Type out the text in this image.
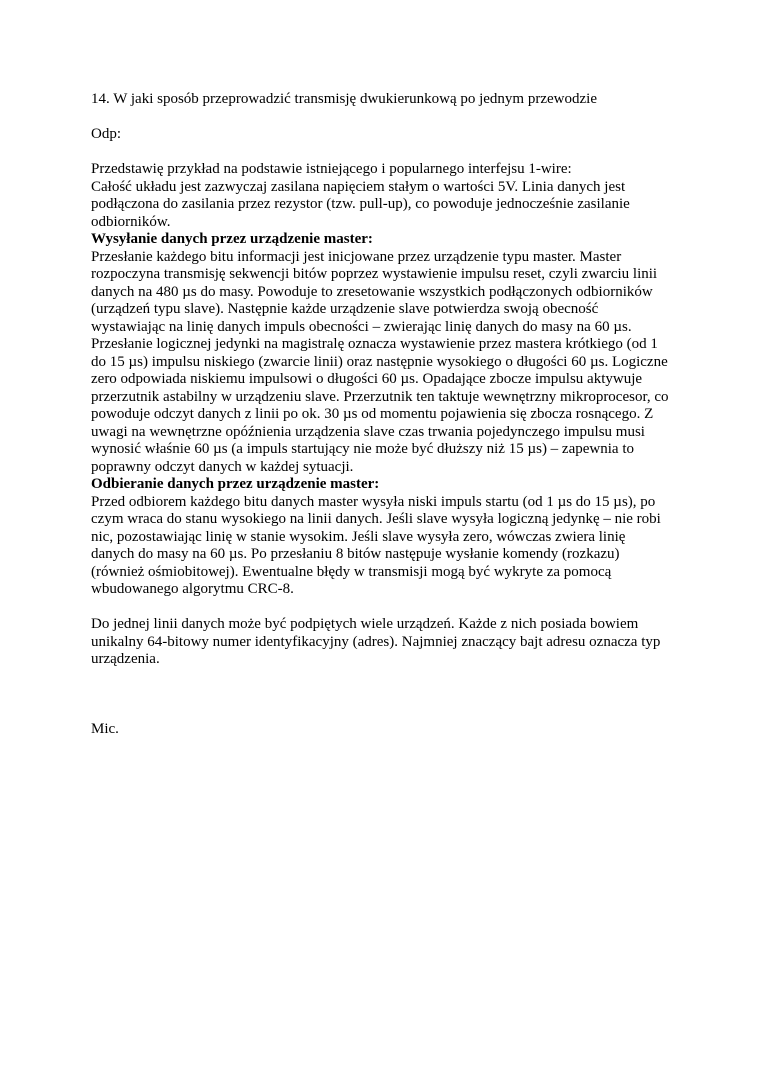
14. W jaki sposób przeprowadzić transmisję dwukierunkową po jednym przewodzie

Odp:

Przedstawię przykład na podstawie istniejącego i popularnego interfejsu 1-wire:

Całość układu jest zazwyczaj zasilana napięciem stałym o wartości 5V. Linia danych jest podłączona do zasilania przez rezystor (tzw. pull-up), co powoduje jednocześnie zasilanie odbiorników.

Wysyłanie danych przez urządzenie master:

Przesłanie każdego bitu informacji jest inicjowane przez urządzenie typu master. Master rozpoczyna transmisję sekwencji bitów poprzez wystawienie impulsu reset, czyli zwarciu linii danych na 480 µs do masy. Powoduje to zresetowanie wszystkich podłączonych odbiorników (urządzeń typu slave). Następnie każde urządzenie slave potwierdza swoją obecność wystawiając na linię danych impuls obecności – zwierając linię danych do masy na 60 µs. Przesłanie logicznej jedynki na magistralę oznacza wystawienie przez mastera krótkiego (od 1 do 15 µs) impulsu niskiego (zwarcie linii) oraz następnie wysokiego o długości 60 µs. Logiczne zero odpowiada niskiemu impulsowi o długości 60 µs. Opadające zbocze impulsu aktywuje przerzutnik astabilny w urządzeniu slave. Przerzutnik ten taktuje wewnętrzny mikroprocesor, co powoduje odczyt danych z linii po ok. 30 µs od momentu pojawienia się zbocza rosnącego. Z uwagi na wewnętrzne opóźnienia urządzenia slave czas trwania pojedynczego impulsu musi wynosić właśnie 60 µs (a impuls startujący nie może być dłuższy niż 15 µs) – zapewnia to poprawny odczyt danych w każdej sytuacji.

Odbieranie danych przez urządzenie master:

Przed odbiorem każdego bitu danych master wysyła niski impuls startu (od 1 µs do 15 µs), po czym wraca do stanu wysokiego na linii danych. Jeśli slave wysyła logiczną jedynkę – nie robi nic, pozostawiając linię w stanie wysokim. Jeśli slave wysyła zero, wówczas zwiera linię danych do masy na 60 µs. Po przesłaniu 8 bitów następuje wysłanie komendy (rozkazu) (również ośmiobitowej). Ewentualne błędy w transmisji mogą być wykryte za pomocą wbudowanego algorytmu CRC-8.

Do jednej linii danych może być podpiętych wiele urządzeń. Każde z nich posiada bowiem unikalny 64-bitowy numer identyfikacyjny (adres). Najmniej znaczący bajt adresu oznacza typ urządzenia.

Mic.
